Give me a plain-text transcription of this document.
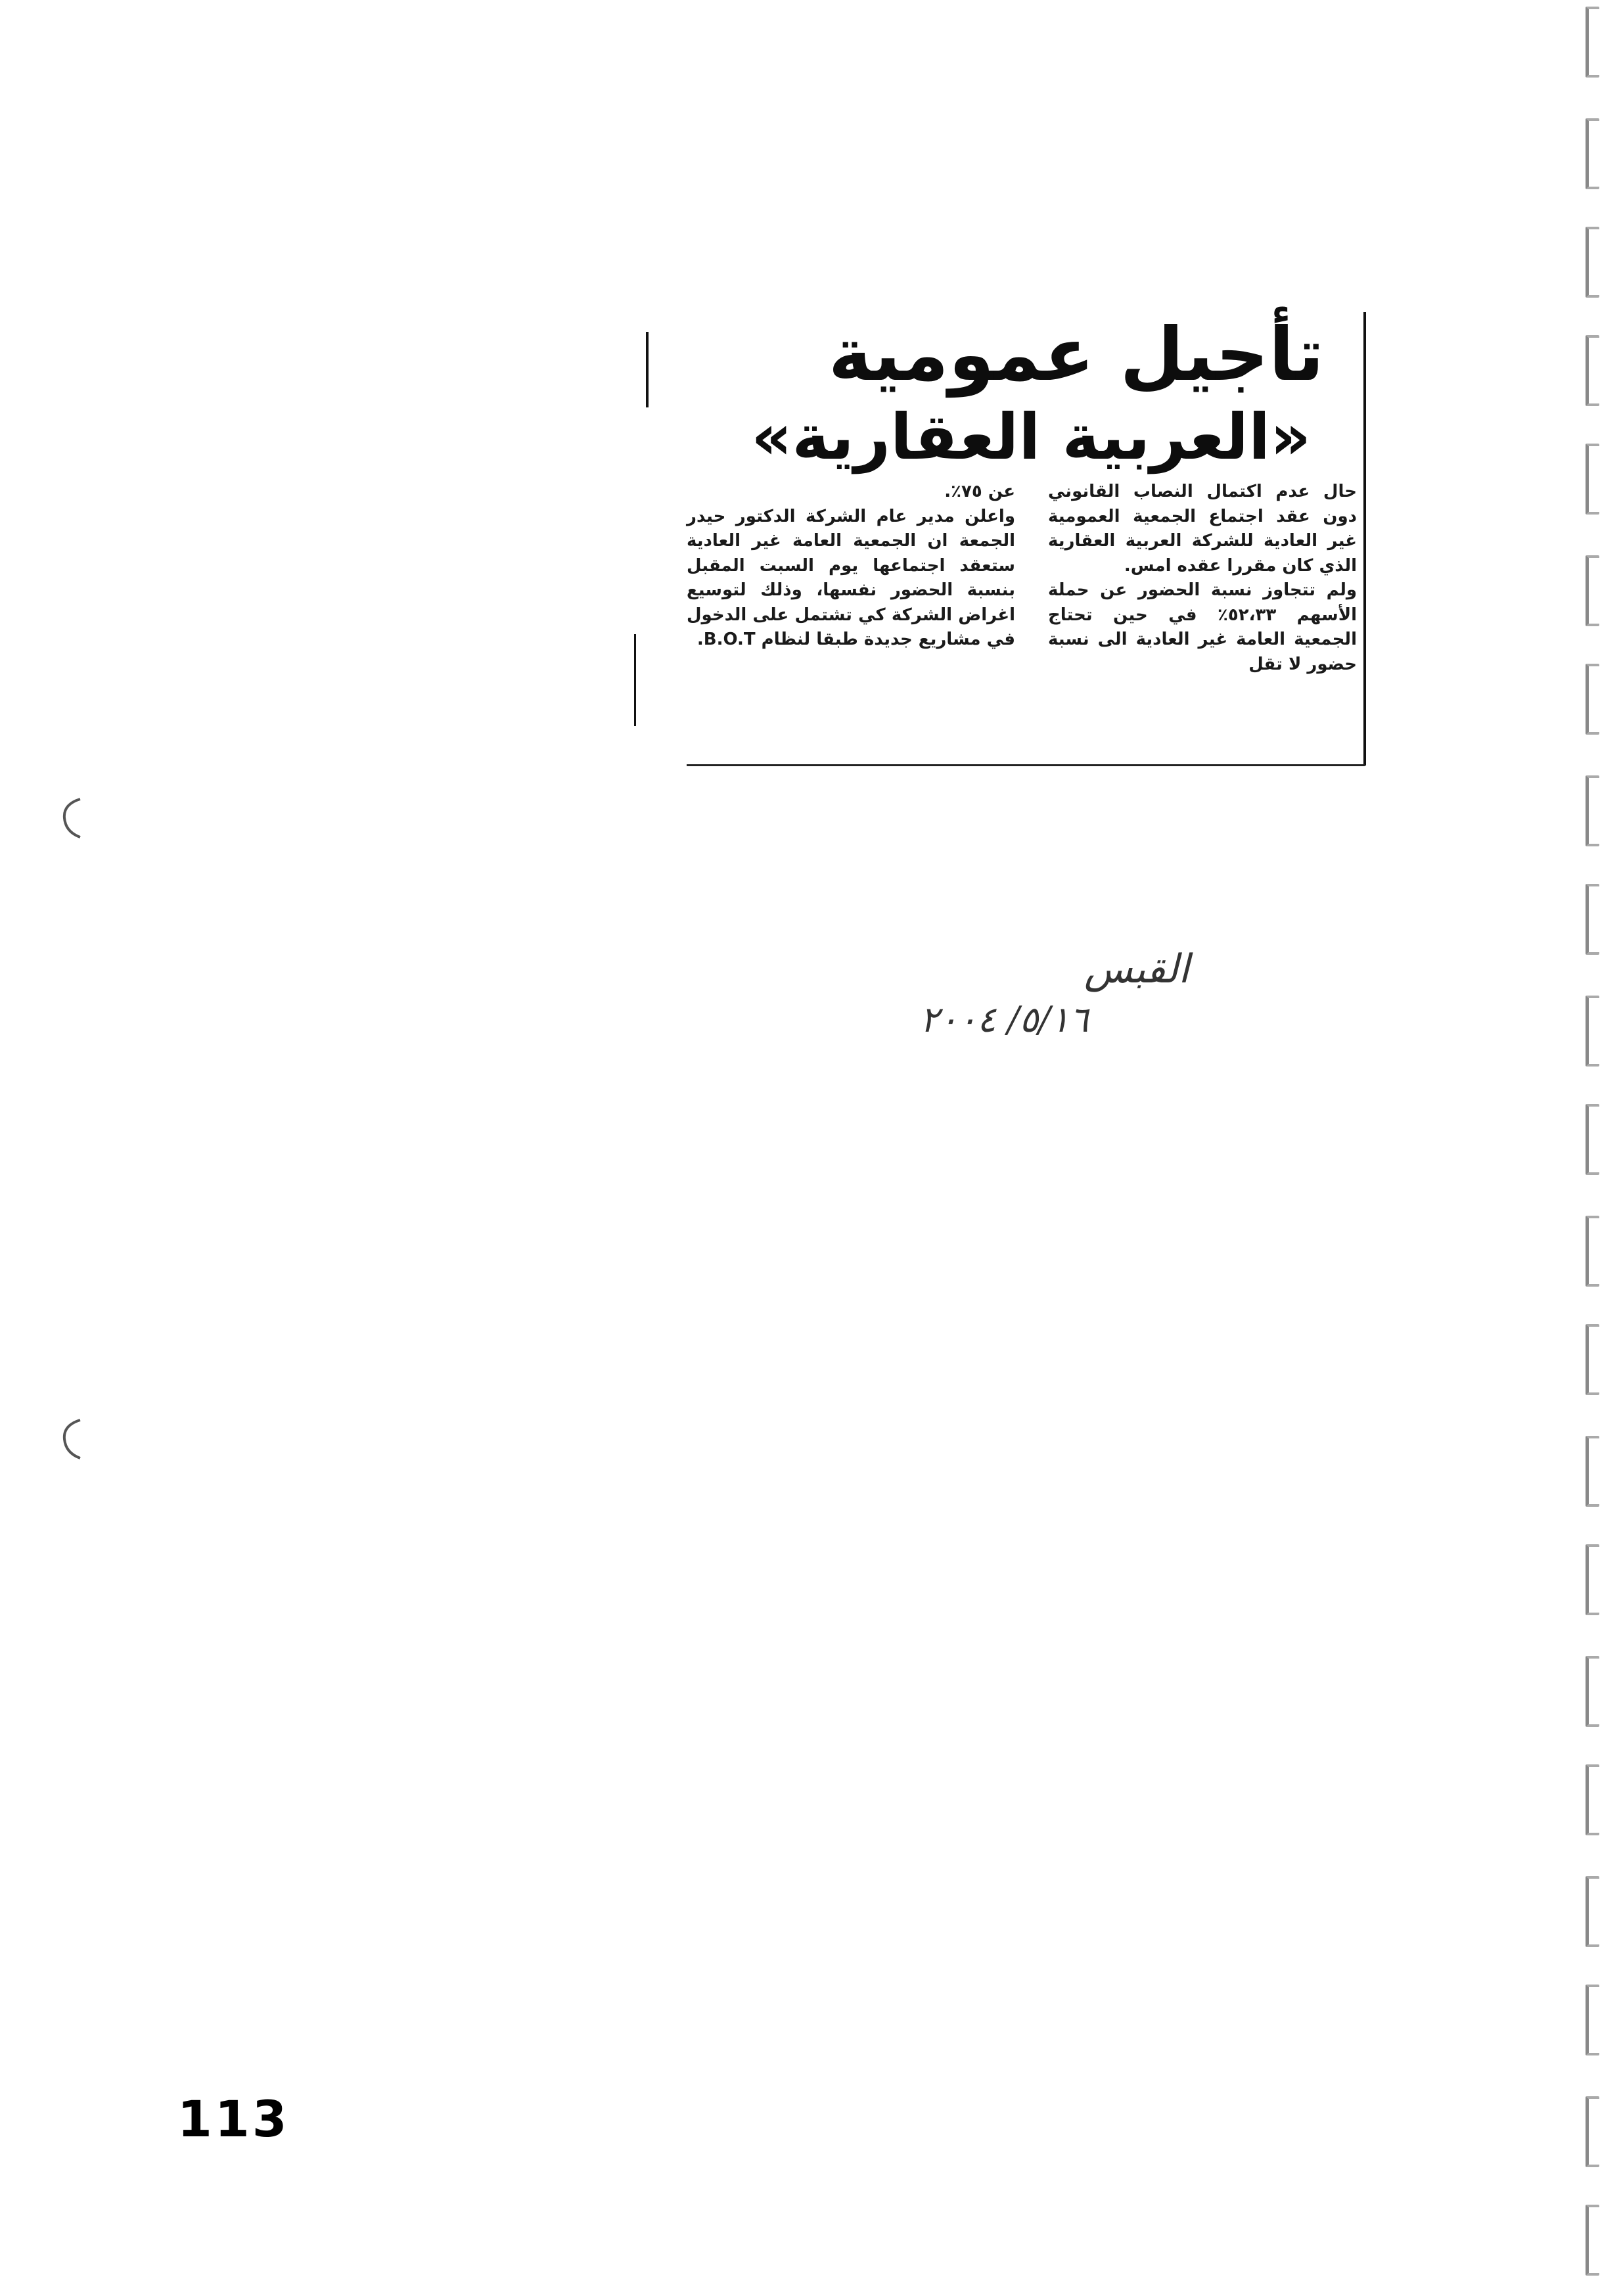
تأجيل عمومية
«العربية العقارية»

حال عدم اكتمال النصاب القانوني دون عقد اجتماع الجمعية العمومية غير العادية للشركة العربية العقارية الذي كان مقررا عقده امس.

ولم تتجاوز نسبة الحضور عن حملة الأسهم ٥٢،٣٣٪ في حين تحتاج الجمعية العامة غير العادية الى نسبة حضور لا تقل

عن ٧٥٪.

واعلن مدير عام الشركة الدكتور حيدر الجمعة ان الجمعية العامة غير العادية ستعقد اجتماعها يوم السبت المقبل بنسبة الحضور نفسها، وذلك لتوسيع اغراض الشركة كي تشتمل على الدخول في مشاريع جديدة طبقا لنظام B.O.T.

القبس
٥/١٦/ ٢٠٠٤
113
